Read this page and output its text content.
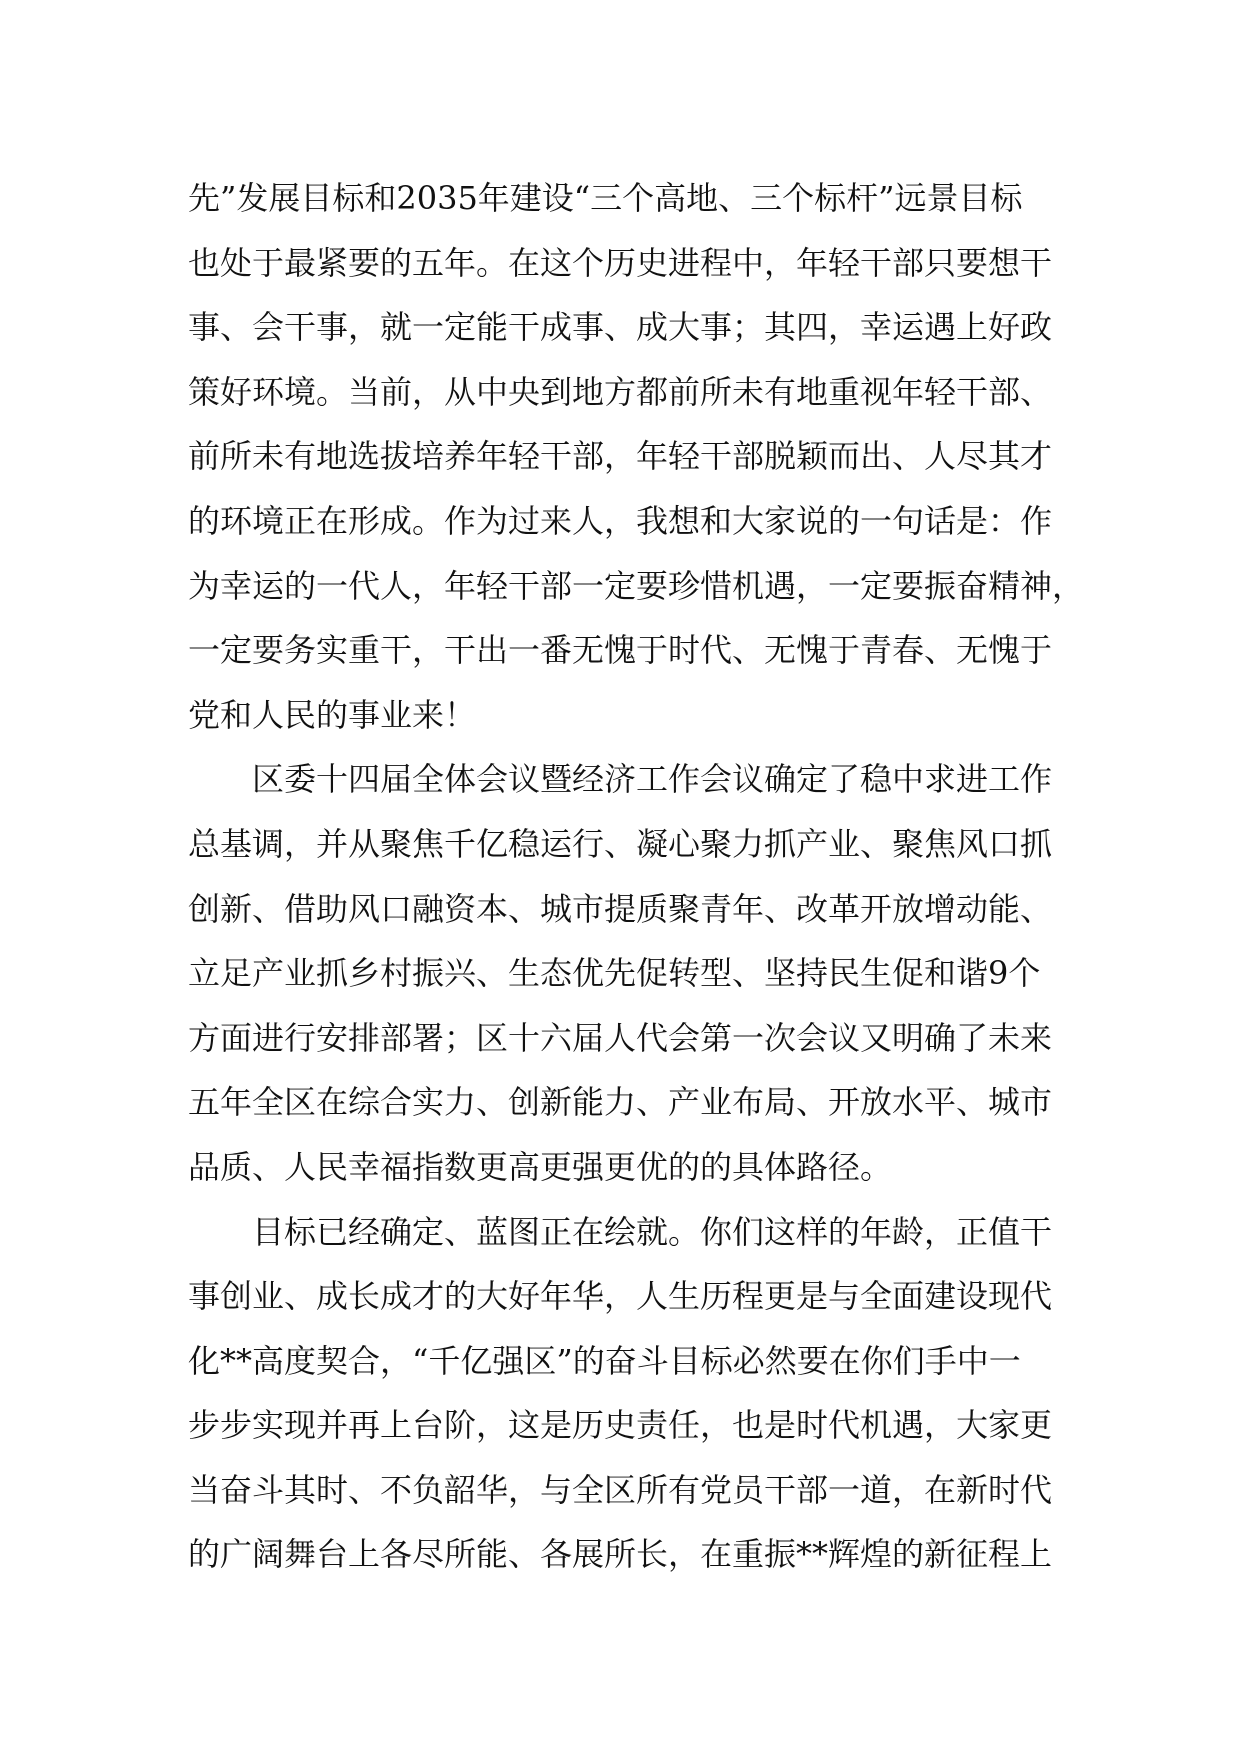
先”发展目标和2035年建设“三个高地、三个标杆”远景目标
也处于最紧要的五年。在这个历史进程中，年轻干部只要想干
事、会干事，就一定能干成事、成大事；其四，幸运遇上好政
策好环境。当前，从中央到地方都前所未有地重视年轻干部、
前所未有地选拔培养年轻干部，年轻干部脱颖而出、人尽其才
的环境正在形成。作为过来人，我想和大家说的一句话是：作
为幸运的一代人，年轻干部一定要珍惜机遇，一定要振奋精神，
一定要务实重干，干出一番无愧于时代、无愧于青春、无愧于
党和人民的事业来！
区委十四届全体会议暨经济工作会议确定了稳中求进工作
总基调，并从聚焦千亿稳运行、凝心聚力抓产业、聚焦风口抓
创新、借助风口融资本、城市提质聚青年、改革开放增动能、
立足产业抓乡村振兴、生态优先促转型、坚持民生促和谐9个
方面进行安排部署；区十六届人代会第一次会议又明确了未来
五年全区在综合实力、创新能力、产业布局、开放水平、城市
品质、人民幸福指数更高更强更优的的具体路径。
目标已经确定、蓝图正在绘就。你们这样的年龄，正值干
事创业、成长成才的大好年华，人生历程更是与全面建设现代
化**高度契合，“千亿强区”的奋斗目标必然要在你们手中一
步步实现并再上台阶，这是历史责任，也是时代机遇，大家更
当奋斗其时、不负韶华，与全区所有党员干部一道，在新时代
的广阔舞台上各尽所能、各展所长，在重振**辉煌的新征程上
